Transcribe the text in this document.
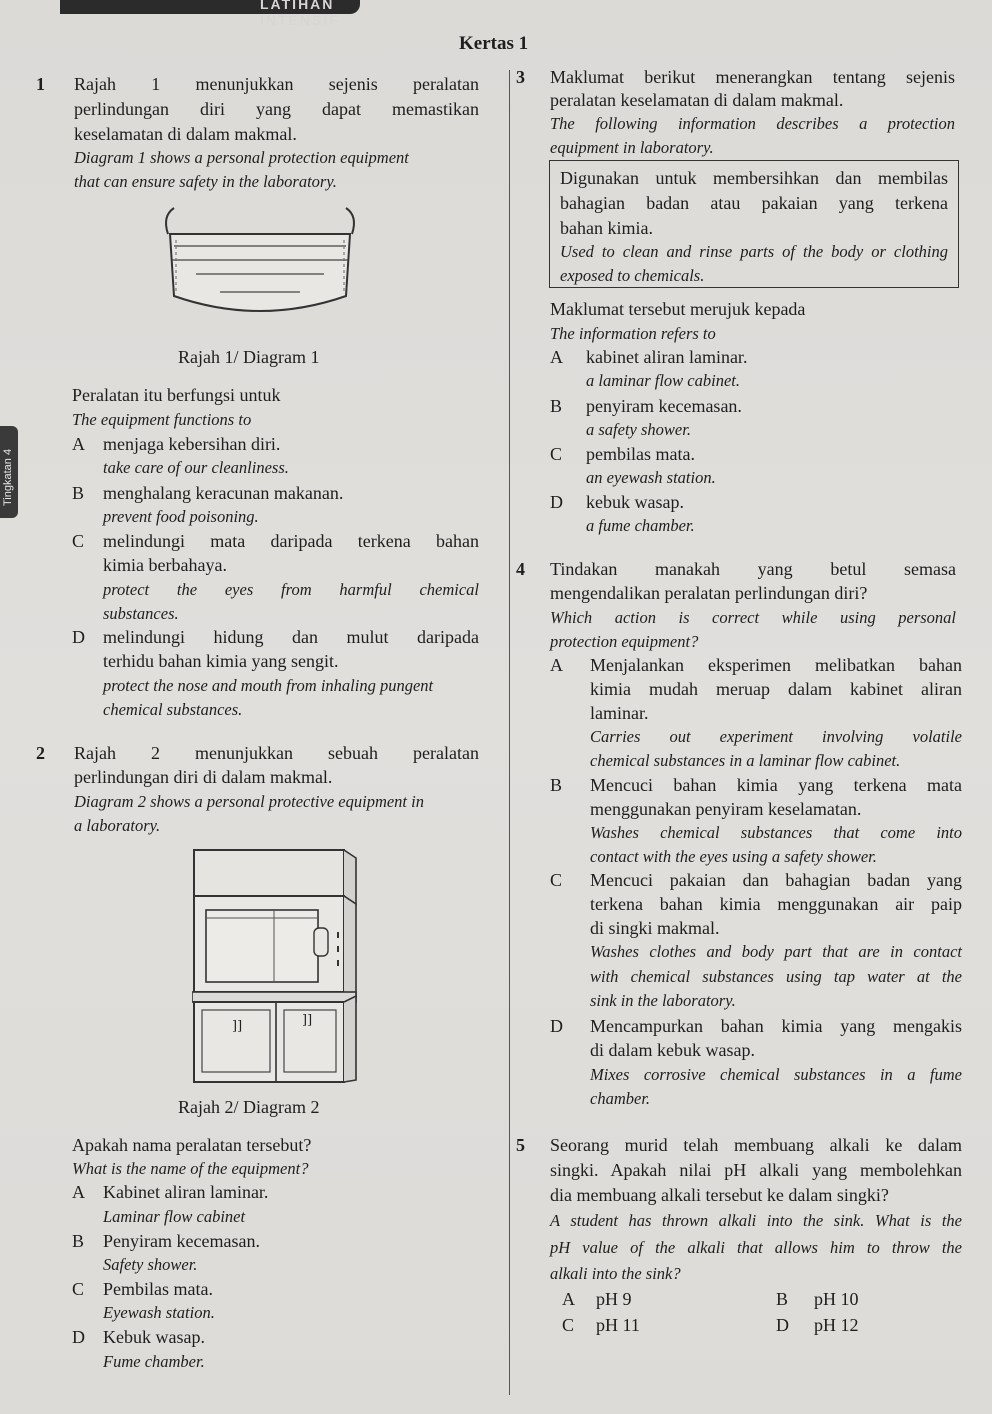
LATIHAN INTENSIF
Kertas 1
Tingkatan 4
1 Rajah 1 menunjukkan sejenis peralatan
perlindungan diri yang dapat memastikan
keselamatan di dalam makmal.
Diagram 1 shows a personal protection equipment
that can ensure safety in the laboratory.
Rajah 1/ Diagram 1
Peralatan itu berfungsi untuk
The equipment functions to
A menjaga kebersihan diri.
take care of our cleanliness.
B menghalang keracunan makanan.
prevent food poisoning.
C melindungi mata daripada terkena bahan
kimia berbahaya.
protect the eyes from harmful chemical
substances.
D melindungi hidung dan mulut daripada
terhidu bahan kimia yang sengit.
protect the nose and mouth from inhaling pungent
chemical substances.
2 Rajah 2 menunjukkan sebuah peralatan
perlindungan diri di dalam makmal.
Diagram 2 shows a personal protective equipment in
a laboratory.
]]	]]
Rajah 2/ Diagram 2
Apakah nama peralatan tersebut?
What is the name of the equipment?
A Kabinet aliran laminar.
Laminar flow cabinet
B Penyiram kecemasan.
Safety shower.
C Pembilas mata.
Eyewash station.
D Kebuk wasap.
Fume chamber.
3 Maklumat berikut menerangkan tentang sejenis
peralatan keselamatan di dalam makmal.
The following information describes a protection
equipment in laboratory.
Digunakan untuk membersihkan dan membilas
bahagian badan atau pakaian yang terkena
bahan kimia.
Used to clean and rinse parts of the body or clothing
exposed to chemicals.
Maklumat tersebut merujuk kepada
The information refers to
A kabinet aliran laminar.
a laminar flow cabinet.
B penyiram kecemasan.
a safety shower.
C pembilas mata.
an eyewash station.
D kebuk wasap.
a fume chamber.
4 Tindakan manakah yang betul semasa
mengendalikan peralatan perlindungan diri?
Which action is correct while using personal
protection equipment?
A Menjalankan eksperimen melibatkan bahan
kimia mudah meruap dalam kabinet aliran
laminar.
Carries out experiment involving volatile
chemical substances in a laminar flow cabinet.
B Mencuci bahan kimia yang terkena mata
menggunakan penyiram keselamatan.
Washes chemical substances that come into
contact with the eyes using a safety shower.
C Mencuci pakaian dan bahagian badan yang
terkena bahan kimia menggunakan air paip
di singki makmal.
Washes clothes and body part that are in contact
with chemical substances using tap water at the
sink in the laboratory.
D Mencampurkan bahan kimia yang mengakis
di dalam kebuk wasap.
Mixes corrosive chemical substances in a fume
chamber.
5 Seorang murid telah membuang alkali ke dalam
singki. Apakah nilai pH alkali yang membolehkan
dia membuang alkali tersebut ke dalam singki?
A student has thrown alkali into the sink. What is the
pH value of the alkali that allows him to throw the
alkali into the sink?
A pH 9	B pH 10
C pH 11	D pH 12
